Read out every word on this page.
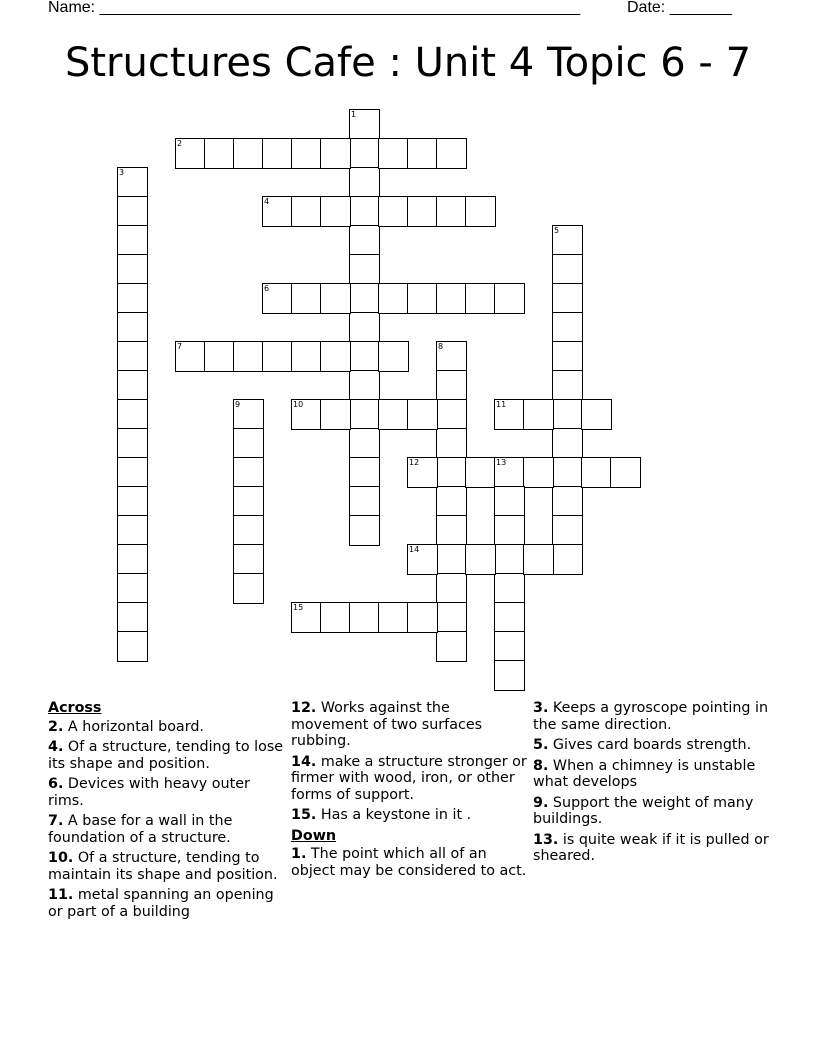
Name: ______________________________________________________	Date: _______
Structures Cafe : Unit 4 Topic 6 - 7
1
2
3
4
5
6
7	8
9	10	11
12	13
14
15
Across
2. A horizontal board.
4. Of a structure, tending to lose its shape and position.
6. Devices with heavy outer rims.
7. A base for a wall in the foundation of a structure.
10. Of a structure, tending to maintain its shape and position.
11. metal spanning an opening or part of a building
12. Works against the movement of two surfaces rubbing.
14. make a structure stronger or firmer with wood, iron, or other forms of support.
15. Has a keystone in it .
Down
1. The point which all of an object may be considered to act.
3. Keeps a gyroscope pointing in the same direction.
5. Gives card boards strength.
8. When a chimney is unstable what develops
9. Support the weight of many buildings.
13. is quite weak if it is pulled or sheared.
